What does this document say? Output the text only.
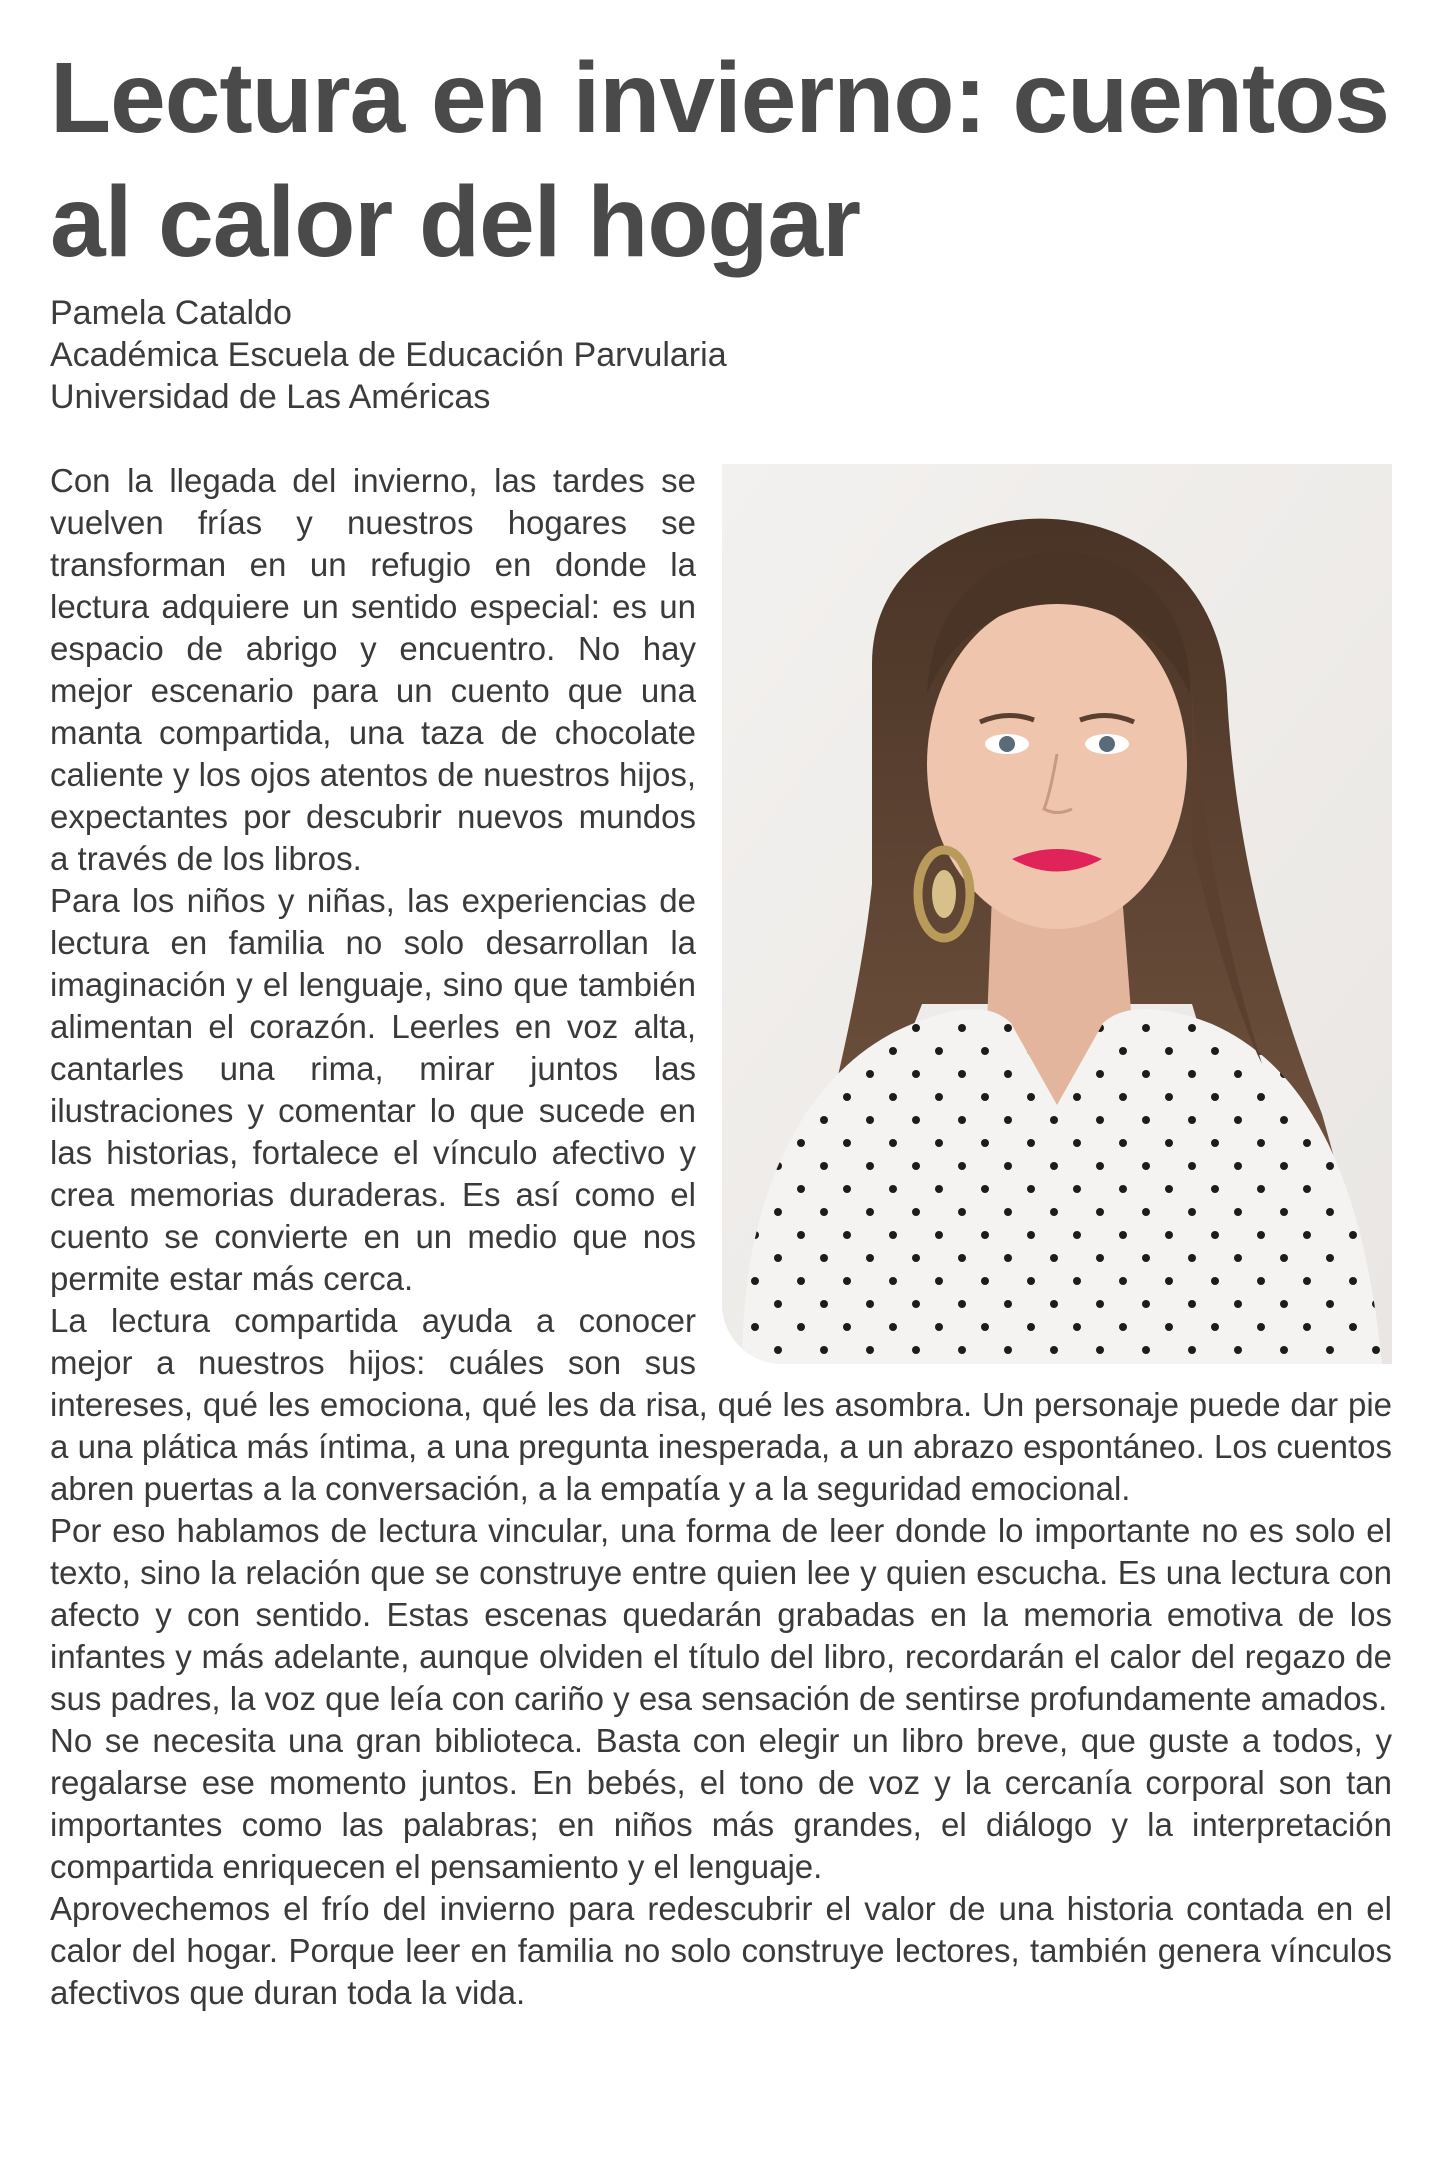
Lectura en invierno: cuentos al calor del hogar
Pamela Cataldo
Académica Escuela de Educación Parvularia
Universidad de Las Américas

Con la llegada del invierno, las tardes se vuelven frías y nuestros hogares se transforman en un refugio en donde la lectura adquiere un sentido especial: es un espacio de abrigo y encuentro. No hay mejor escenario para un cuento que una manta compartida, una taza de chocolate caliente y los ojos atentos de nuestros hijos, expectantes por descubrir nuevos mundos a través de los libros.

Para los niños y niñas, las experiencias de lectura en familia no solo desarrollan la imaginación y el lenguaje, sino que también alimentan el corazón. Leerles en voz alta, cantarles una rima, mirar juntos las ilustraciones y comentar lo que sucede en las historias, fortalece el vínculo afectivo y crea memorias duraderas. Es así como el cuento se convierte en un medio que nos permite estar más cerca.

La lectura compartida ayuda a conocer mejor a nuestros hijos: cuáles son sus intereses, qué les emociona, qué les da risa, qué les asombra. Un personaje puede dar pie a una plática más íntima, a una pregunta inesperada, a un abrazo espontáneo. Los cuentos abren puertas a la conversación, a la empatía y a la seguridad emocional.

Por eso hablamos de lectura vincular, una forma de leer donde lo importante no es solo el texto, sino la relación que se construye entre quien lee y quien escucha. Es una lectura con afecto y con sentido. Estas escenas quedarán grabadas en la memoria emotiva de los infantes y más adelante, aunque olviden el título del libro, recordarán el calor del regazo de sus padres, la voz que leía con cariño y esa sensación de sentirse profundamente amados.

No se necesita una gran biblioteca. Basta con elegir un libro breve, que guste a todos, y regalarse ese momento juntos. En bebés, el tono de voz y la cercanía corporal son tan importantes como las palabras; en niños más grandes, el diálogo y la interpretación compartida enriquecen el pensamiento y el lenguaje.

Aprovechemos el frío del invierno para redescubrir el valor de una historia contada en el calor del hogar. Porque leer en familia no solo construye lectores, también genera vínculos afectivos que duran toda la vida.
